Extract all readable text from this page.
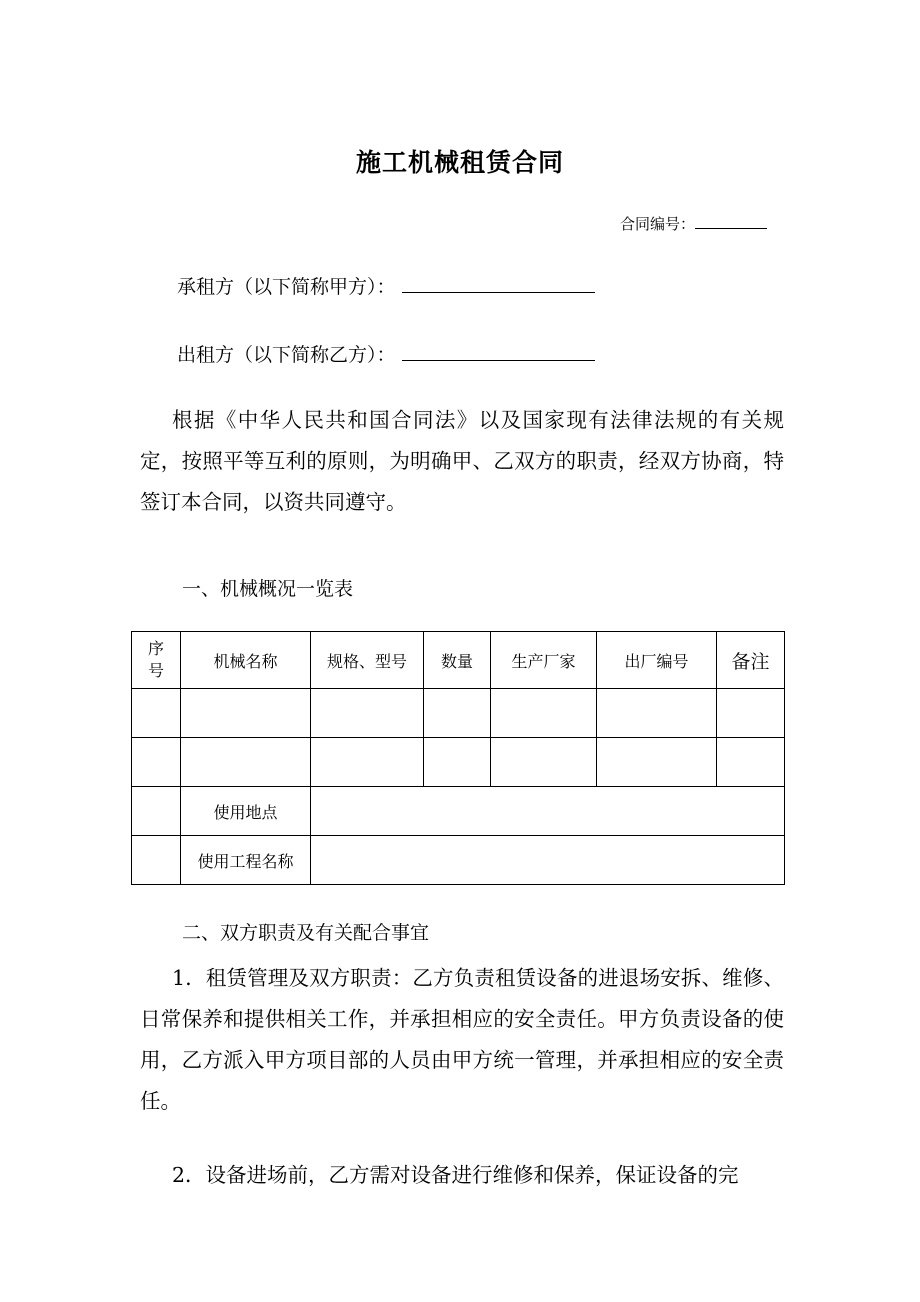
施工机械租赁合同
合同编号：
承租方（以下简称甲方）：
出租方（以下简称乙方）：
根据《中华人民共和国合同法》以及国家现有法律法规的有关规定，按照平等互利的原则，为明确甲、乙双方的职责，经双方协商，特签订本合同，以资共同遵守。
一、机械概况一览表
序号	机械名称	规格、型号	数量	生产厂家	出厂编号	备注

	使用地点					
	使用工程名称					
二、双方职责及有关配合事宜
1．租赁管理及双方职责：乙方负责租赁设备的进退场安拆、维修、日常保养和提供相关工作，并承担相应的安全责任。甲方负责设备的使用，乙方派入甲方项目部的人员由甲方统一管理，并承担相应的安全责任。
2．设备进场前，乙方需对设备进行维修和保养，保证设备的完
